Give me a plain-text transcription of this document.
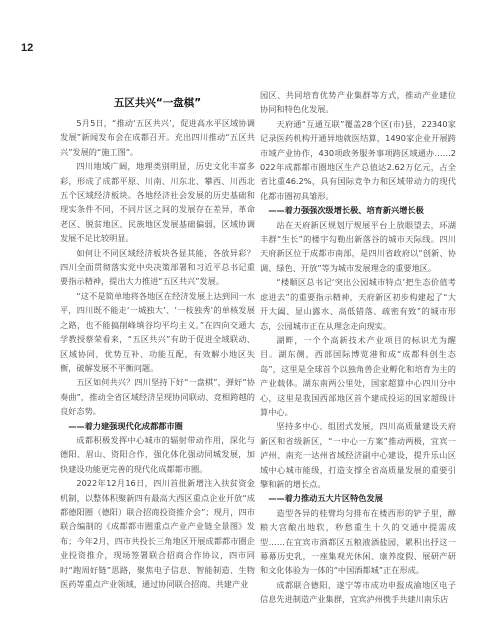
12
五区共兴“一盘棋”

5月5日，“推动‘五区共兴’，促进高水平区域协调发展”新闻发布会在成都召开。充出四川推动“五区共兴”发展的“施工图”。

四川地域广阔，地理类别明显，历史文化丰富多彩，形成了成都平原、川南、川东北、攀西、川西北五个区域经济板块。各地经济社会发展的历史基础和现实条件不同，不同片区之间的发展存在差异，革命老区、脱贫地区、民族地区发展基础偏弱，区域协调发展不足比较明显。

如何让不同区域经济板块各显其能，各放异彩？四川全面贯彻落实党中央决策部署和习近平总书记重要指示精神，提出大力推进“五区共兴”发展。

“这不是简单地将各地区在经济发展上达到同一水平，四川既不能走‘一城独大’、‘一枝独秀’的单核发展之路，也不能搞削峰填谷均平均主义。”在四向交通大学教授蔡荣看来，“五区共兴”有助于促进全域联动、区域协同，优势互补、功能互配，有效解小地区失衡，破解发展不平衡问题。

五区如何共兴？四川坚持下好“一盘棋”，弹好“协奏曲”，推动全省区域经济呈现协同联动、竞相跨越的良好态势。

——着力建强现代化成都都市圈

成都积极发挥中心城市的辐射带动作用，深化与德阳、眉山、资阳合作，强化体化强动同城发展，加快建设功能更完善的现代化成都都市圈。

2022年12月16日，四川首批新增注入扶贫资金机制，以整体积聚新四有最高大西区重点企业开放“成都德阳圈（德阳）联合招商投资推介会”；现月，四市联合编制的《成都都市圈重点产业产业链全景图》发布；今年2月，四市共投长三角地区开展成都都市圈企业投资推介，现场签署联合招商合作协议，四市同时“跑周好链”思路，聚焦电子信息、智能制造、生物医药等重点产业领域，通过协同联合招商、共建产业

园区、共同培育优势产业集群等方式，推动产业建位协同和特色化发展。

天府通“互通互联”覆盖28个区(市)县，22340家记录医药机构开通异地就医结算，1490家企业开展跨市域产业协作，430项政务服务事项跨区域通办……2022年成都都市圈地区生产总值达2.62万亿元，占全省比重46.2%，具有国际竞争力和区域带动力的现代化都市圈初具雏形。

——着力强强次级增长极、培育新兴增长极

站在天府新区规划厅规展平台上放眼望去，环湖丰群“生长”的楼宇勾勒出新落谷的城市天际线。四川天府新区位于成都市南部，是四川省政府以“创新、协调、绿色、开放”等为城市发展理念的重要地区。

“楼顺区总书记‘突出公园城市特点’把生态价值考虑进去”的重要指示精神，天府新区初步构建起了“大开大阖、显山露水、高低错落、疏密有致”的城市形态，公园城市正在从理念走向现实。

湖畔，一个个高新技术产业项目的标识尤为醒目。湖东侧，西部国际博览港和成“成都科创生态岛”，这里是全球首个以独角兽企业孵化和培育为主的产业载体。湖东南两公里处，国家超算中心四川分中心，这里是我国西部地区首个建成投运的国家超级计算中心。

坚持多中心、组团式发展，四川高质量建设天府新区和省级新区，“一中心一方案”推动两极，宜宾一泸州、南充一达州省域经济副中心建设，提升乐山区域中心城市能级，打造支撑全省高质量发展的重要引擎和新的增长点。

——着力推动五大片区特色发展

造型各异的桂臂均匀排布在楼西形的铲子里，醇粮大宫酿出地软，秒愁重生十久的交通中提需成型……在宜宾市酒都区五粮液酒盐园，累积出抒这一幕幕历史乳，一座集观光休闲、康养度假、展研产研和文化体验为一体的“中国酒都城”正在形成。

成都联合德阳、遂宁等市成功申报成渝地区电子信息先进制造产业集群，宜宾泸州携手共建川南乐店
